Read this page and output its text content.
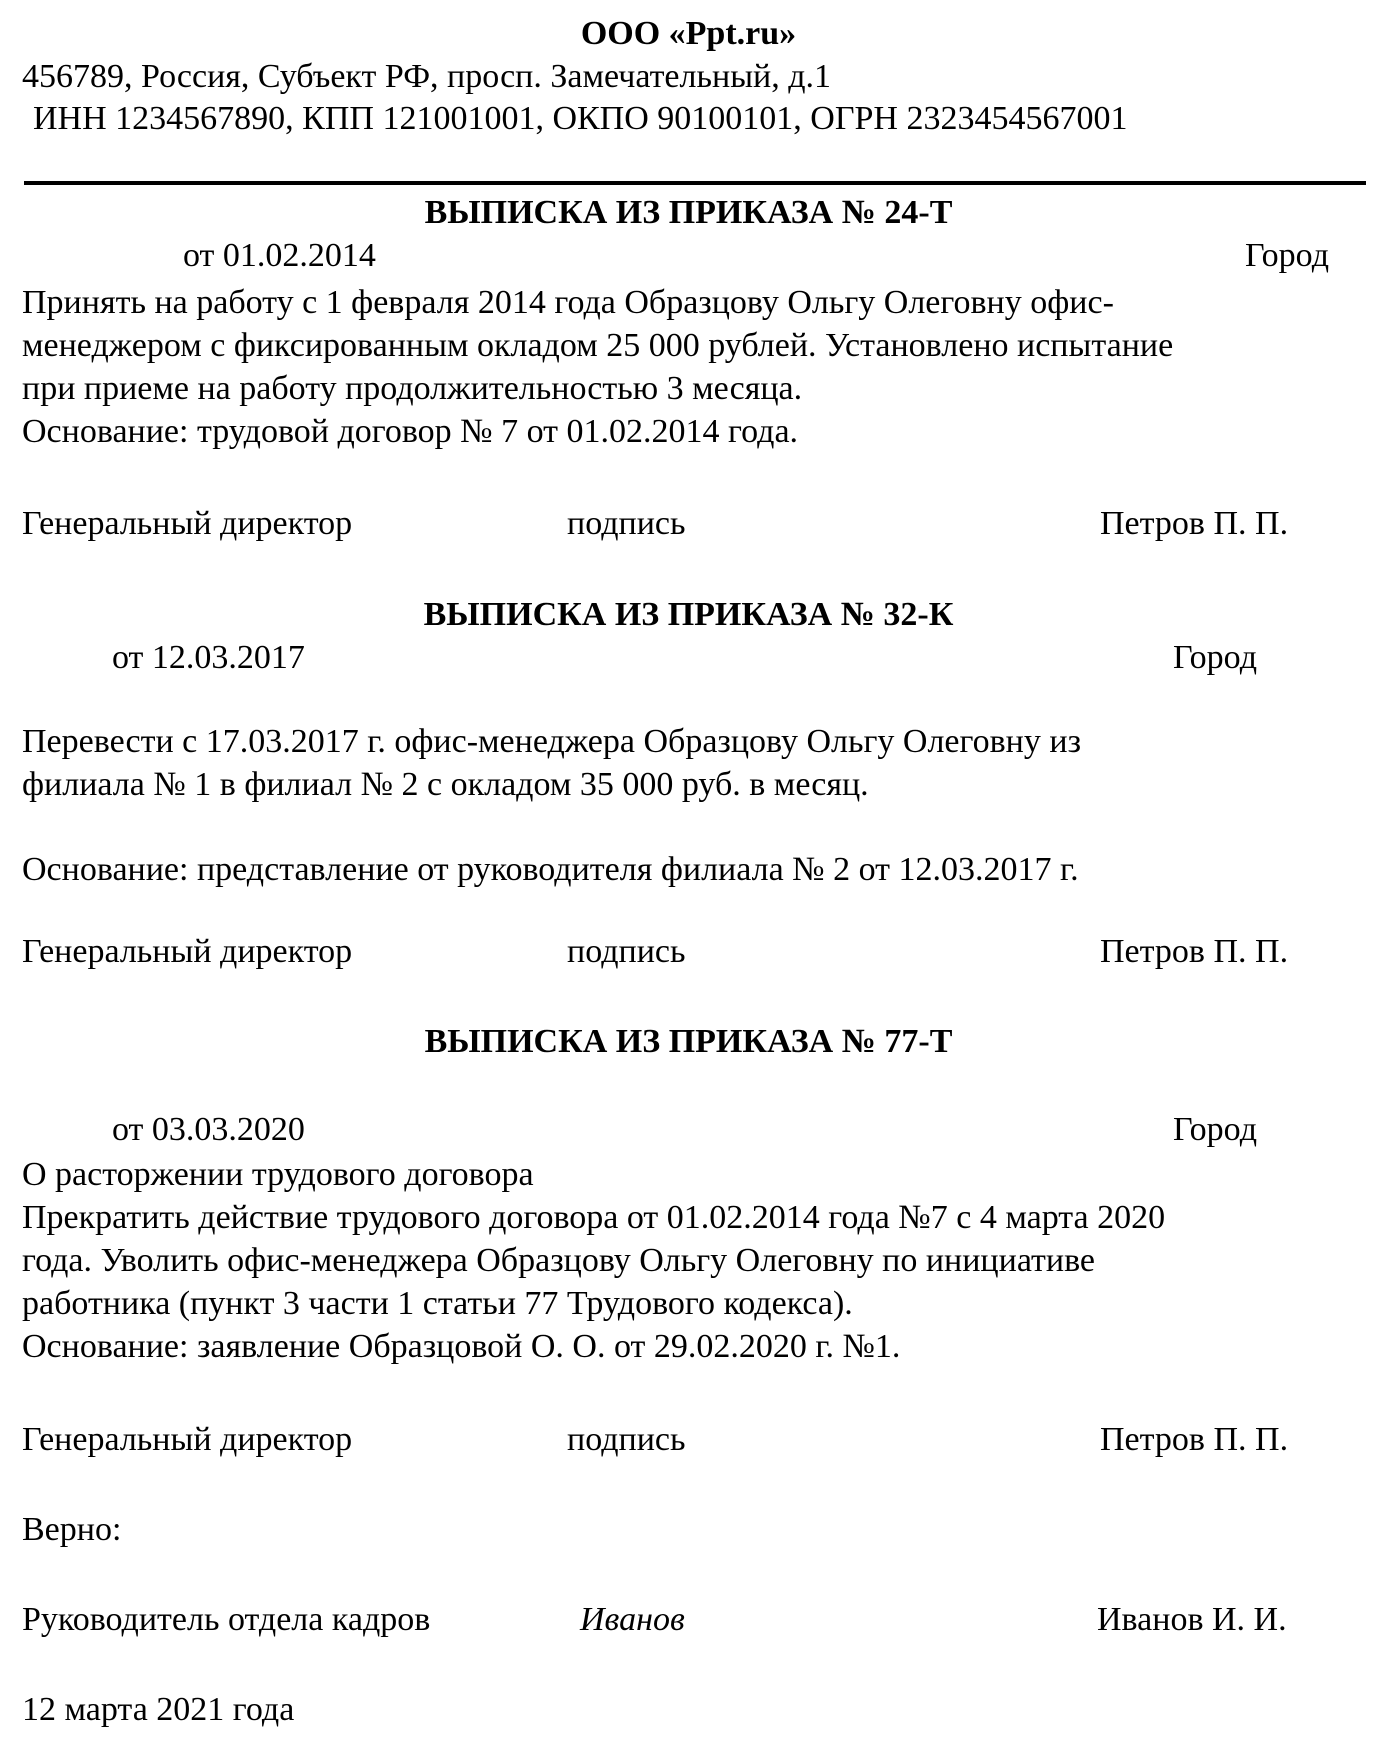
ООО «Ppt.ru»
456789, Россия, Субъект РФ, просп. Замечательный, д.1
ИНН 1234567890, КПП 121001001, ОКПО 90100101, ОГРН 2323454567001
ВЫПИСКА ИЗ ПРИКАЗА № 24-Т
от 01.02.2014	Город
Принять на работу с 1 февраля 2014 года Образцову Ольгу Олеговну офис-
менеджером с фиксированным окладом 25 000 рублей. Установлено испытание
при приеме на работу продолжительностью 3 месяца.
Основание: трудовой договор № 7 от 01.02.2014 года.
Генеральный директор	подпись	Петров П. П.
ВЫПИСКА ИЗ ПРИКАЗА № 32-К
от 12.03.2017	Город
Перевести с 17.03.2017 г. офис-менеджера Образцову Ольгу Олеговну из
филиала № 1 в филиал № 2 с окладом 35 000 руб. в месяц.
Основание: представление от руководителя филиала № 2 от 12.03.2017 г.
Генеральный директор	подпись	Петров П. П.
ВЫПИСКА ИЗ ПРИКАЗА № 77-Т
от 03.03.2020	Город
О расторжении трудового договора
Прекратить действие трудового договора от 01.02.2014 года №7 с 4 марта 2020
года. Уволить офис-менеджера Образцову Ольгу Олеговну по инициативе
работника (пункт 3 части 1 статьи 77 Трудового кодекса).
Основание: заявление Образцовой О. О. от 29.02.2020 г. №1.
Генеральный директор	подпись	Петров П. П.
Верно:
Руководитель отдела кадров	Иванов	Иванов И. И.
12 марта 2021 года
